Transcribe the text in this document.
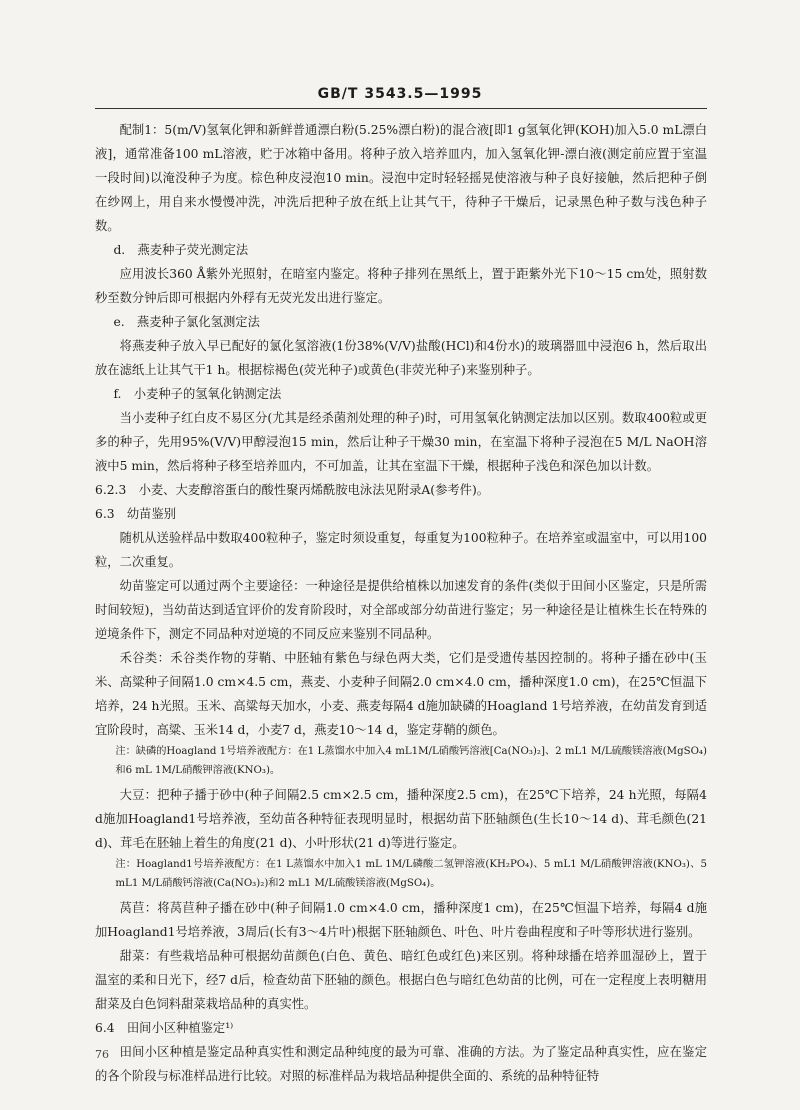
GB/T 3543.5—1995

配制1：5(m/V)氢氧化钾和新鲜普通漂白粉(5.25%漂白粉)的混合液[即1 g氢氧化钾(KOH)加入5.0 mL漂白液]，通常准备100 mL溶液，贮于冰箱中备用。将种子放入培养皿内，加入氢氧化钾-漂白液(测定前应置于室温一段时间)以淹没种子为度。棕色种皮浸泡10 min。浸泡中定时轻轻摇晃使溶液与种子良好接触，然后把种子倒在纱网上，用自来水慢慢冲洗，冲洗后把种子放在纸上让其气干，待种子干燥后，记录黑色种子数与浅色种子数。

d.　燕麦种子荧光测定法

应用波长360 Å紫外光照射，在暗室内鉴定。将种子排列在黑纸上，置于距紫外光下10～15 cm处，照射数秒至数分钟后即可根据内外稃有无荧光发出进行鉴定。

e.　燕麦种子氯化氢测定法

将燕麦种子放入早已配好的氯化氢溶液(1份38%(V/V)盐酸(HCl)和4份水)的玻璃器皿中浸泡6 h，然后取出放在滤纸上让其气干1 h。根据棕褐色(荧光种子)或黄色(非荧光种子)来鉴别种子。

f.　小麦种子的氢氧化钠测定法

当小麦种子红白皮不易区分(尤其是经杀菌剂处理的种子)时，可用氢氧化钠测定法加以区别。数取400粒或更多的种子，先用95%(V/V)甲醇浸泡15 min，然后让种子干燥30 min，在室温下将种子浸泡在5 M/L NaOH溶液中5 min，然后将种子移至培养皿内，不可加盖，让其在室温下干燥，根据种子浅色和深色加以计数。

6.2.3　小麦、大麦醇溶蛋白的酸性聚丙烯酰胺电泳法见附录A(参考件)。

6.3　幼苗鉴别

随机从送验样品中数取400粒种子，鉴定时须设重复，每重复为100粒种子。在培养室或温室中，可以用100粒，二次重复。

幼苗鉴定可以通过两个主要途径：一种途径是提供给植株以加速发育的条件(类似于田间小区鉴定，只是所需时间较短)，当幼苗达到适宜评价的发育阶段时，对全部或部分幼苗进行鉴定；另一种途径是让植株生长在特殊的逆境条件下，测定不同品种对逆境的不同反应来鉴别不同品种。

禾谷类：禾谷类作物的芽鞘、中胚轴有紫色与绿色两大类，它们是受遗传基因控制的。将种子播在砂中(玉米、高粱种子间隔1.0 cm×4.5 cm，燕麦、小麦种子间隔2.0 cm×4.0 cm，播种深度1.0 cm)，在25℃恒温下培养，24 h光照。玉米、高粱每天加水，小麦、燕麦每隔4 d施加缺磷的Hoagland 1号培养液，在幼苗发育到适宜阶段时，高粱、玉米14 d，小麦7 d，燕麦10～14 d，鉴定芽鞘的颜色。

注：缺磷的Hoagland 1号培养液配方：在1 L蒸馏水中加入4 mL1M/L硝酸钙溶液[Ca(NO₃)₂]、2 mL1 M/L硫酸镁溶液(MgSO₄)和6 mL 1M/L硝酸钾溶液(KNO₃)。

大豆：把种子播于砂中(种子间隔2.5 cm×2.5 cm，播种深度2.5 cm)，在25℃下培养，24 h光照，每隔4 d施加Hoagland1号培养液，至幼苗各种特征表现明显时，根据幼苗下胚轴颜色(生长10～14 d)、茸毛颜色(21 d)、茸毛在胚轴上着生的角度(21 d)、小叶形状(21 d)等进行鉴定。

注：Hoagland1号培养液配方：在1 L蒸馏水中加入1 mL 1M/L磷酸二氢钾溶液(KH₂PO₄)、5 mL1 M/L硝酸钾溶液(KNO₃)、5 mL1 M/L硝酸钙溶液(Ca(NO₃)₂)和2 mL1 M/L硫酸镁溶液(MgSO₄)。

莴苣：将莴苣种子播在砂中(种子间隔1.0 cm×4.0 cm，播种深度1 cm)，在25℃恒温下培养，每隔4 d施加Hoagland1号培养液，3周后(长有3～4片叶)根据下胚轴颜色、叶色、叶片卷曲程度和子叶等形状进行鉴别。

甜菜：有些栽培品种可根据幼苗颜色(白色、黄色、暗红色或红色)来区别。将种球播在培养皿湿砂上，置于温室的柔和日光下，经7 d后，检查幼苗下胚轴的颜色。根据白色与暗红色幼苗的比例，可在一定程度上表明糖用甜菜及白色饲料甜菜栽培品种的真实性。

6.4　田间小区种植鉴定¹⁾

田间小区种植是鉴定品种真实性和测定品种纯度的最为可靠、准确的方法。为了鉴定品种真实性，应在鉴定的各个阶段与标准样品进行比较。对照的标准样品为栽培品种提供全面的、系统的品种特征特

76
